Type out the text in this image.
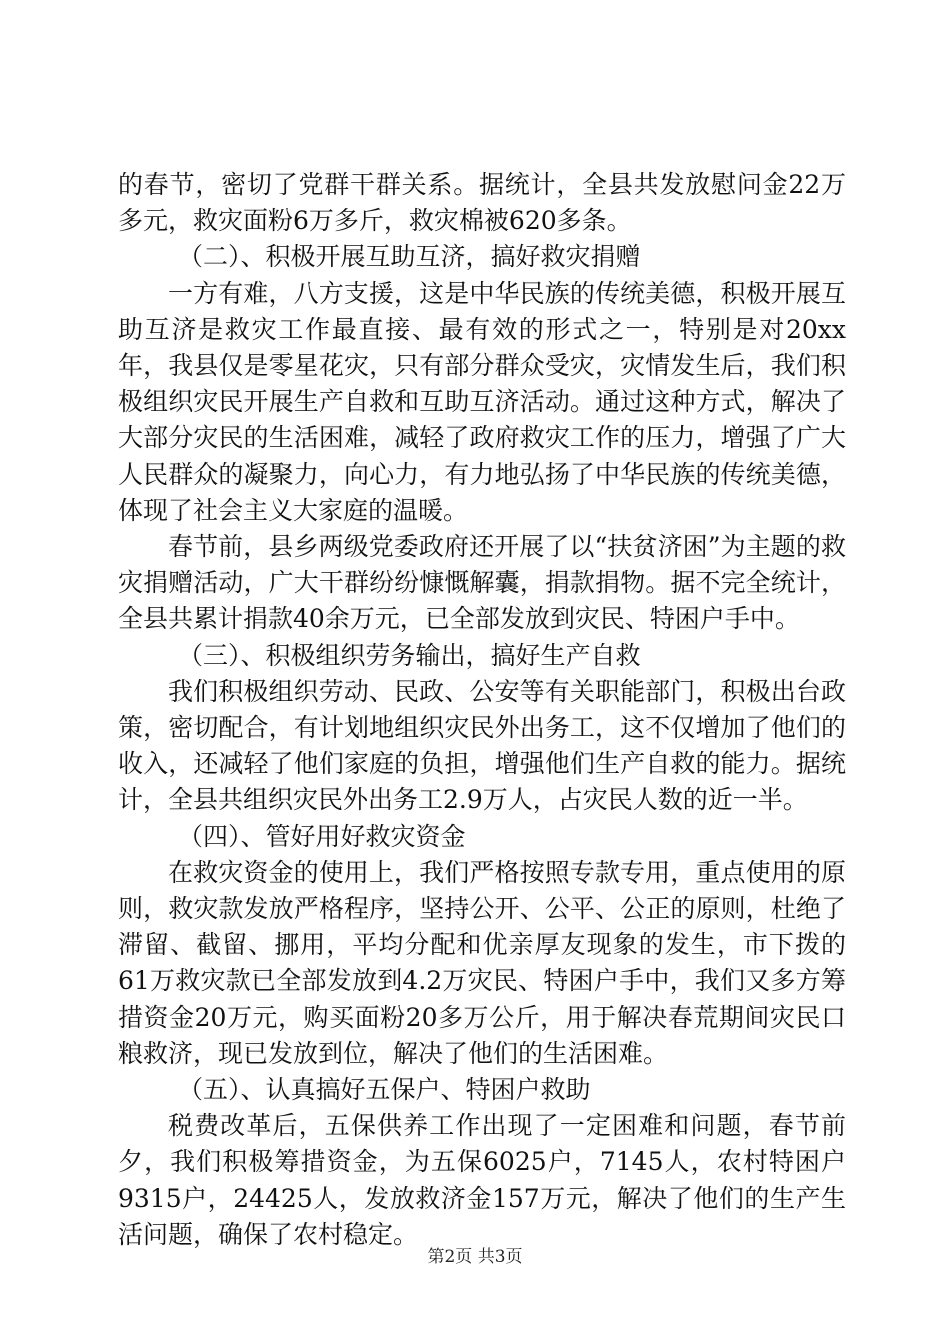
的春节，密切了党群干群关系。据统计，全县共发放慰问金22万多元，救灾面粉6万多斤，救灾棉被620多条。

（二）、积极开展互助互济，搞好救灾捐赠

一方有难，八方支援，这是中华民族的传统美德，积极开展互助互济是救灾工作最直接、最有效的形式之一，特别是对20xx年，我县仅是零星花灾，只有部分群众受灾，灾情发生后，我们积极组织灾民开展生产自救和互助互济活动。通过这种方式，解决了大部分灾民的生活困难，减轻了政府救灾工作的压力，增强了广大人民群众的凝聚力，向心力，有力地弘扬了中华民族的传统美德，体现了社会主义大家庭的温暖。

春节前，县乡两级党委政府还开展了以“扶贫济困”为主题的救灾捐赠活动，广大干群纷纷慷慨解囊，捐款捐物。据不完全统计，全县共累计捐款40余万元，已全部发放到灾民、特困户手中。

（三）、积极组织劳务输出，搞好生产自救

我们积极组织劳动、民政、公安等有关职能部门，积极出台政策，密切配合，有计划地组织灾民外出务工，这不仅增加了他们的收入，还减轻了他们家庭的负担，增强他们生产自救的能力。据统计，全县共组织灾民外出务工2.9万人，占灾民人数的近一半。

（四）、管好用好救灾资金

在救灾资金的使用上，我们严格按照专款专用，重点使用的原则，救灾款发放严格程序，坚持公开、公平、公正的原则，杜绝了滞留、截留、挪用，平均分配和优亲厚友现象的发生，市下拨的61万救灾款已全部发放到4.2万灾民、特困户手中，我们又多方筹措资金20万元，购买面粉20多万公斤，用于解决春荒期间灾民口粮救济，现已发放到位，解决了他们的生活困难。

（五）、认真搞好五保户、特困户救助

税费改革后，五保供养工作出现了一定困难和问题，春节前夕，我们积极筹措资金，为五保6025户，7145人，农村特困户9315户，24425人，发放救济金157万元，解决了他们的生产生活问题，确保了农村稳定。

第2页 共3页
